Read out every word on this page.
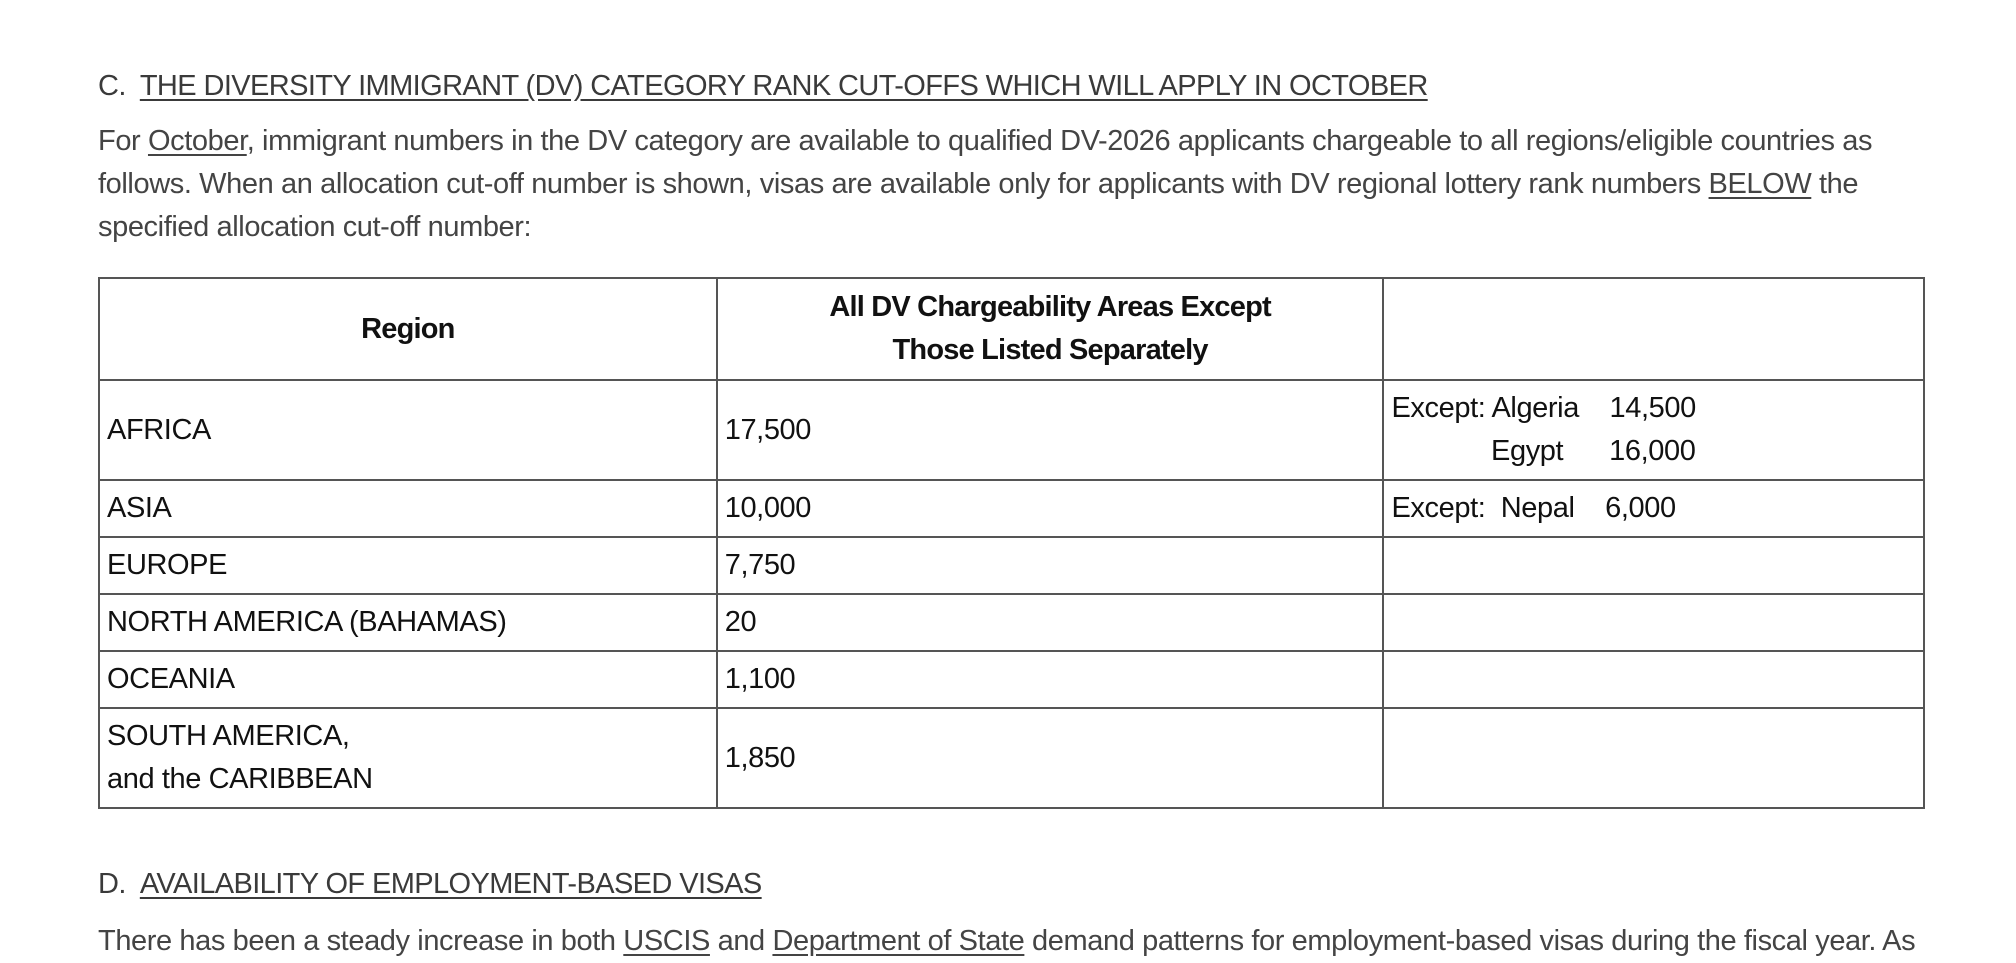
C. THE DIVERSITY IMMIGRANT (DV) CATEGORY RANK CUT-OFFS WHICH WILL APPLY IN OCTOBER

For October, immigrant numbers in the DV category are available to qualified DV-2026 applicants chargeable to all regions/eligible countries as follows. When an allocation cut-off number is shown, visas are available only for applicants with DV regional lottery rank numbers BELOW the specified allocation cut-off number:

Region	All DV Chargeability Areas Except
Those Listed Separately	
AFRICA	17,500	Except: Algeria    14,500
Egypt      16,000

ASIA	10,000	Except:  Nepal    6,000

EUROPE	7,750	
NORTH AMERICA (BAHAMAS)	20	
OCEANIA	1,100	

SOUTH AMERICA,
and the CARIBBEAN	1,850	
D. AVAILABILITY OF EMPLOYMENT-BASED VISAS

There has been a steady increase in both USCIS and Department of State demand patterns for employment-based visas during the fiscal year. As
